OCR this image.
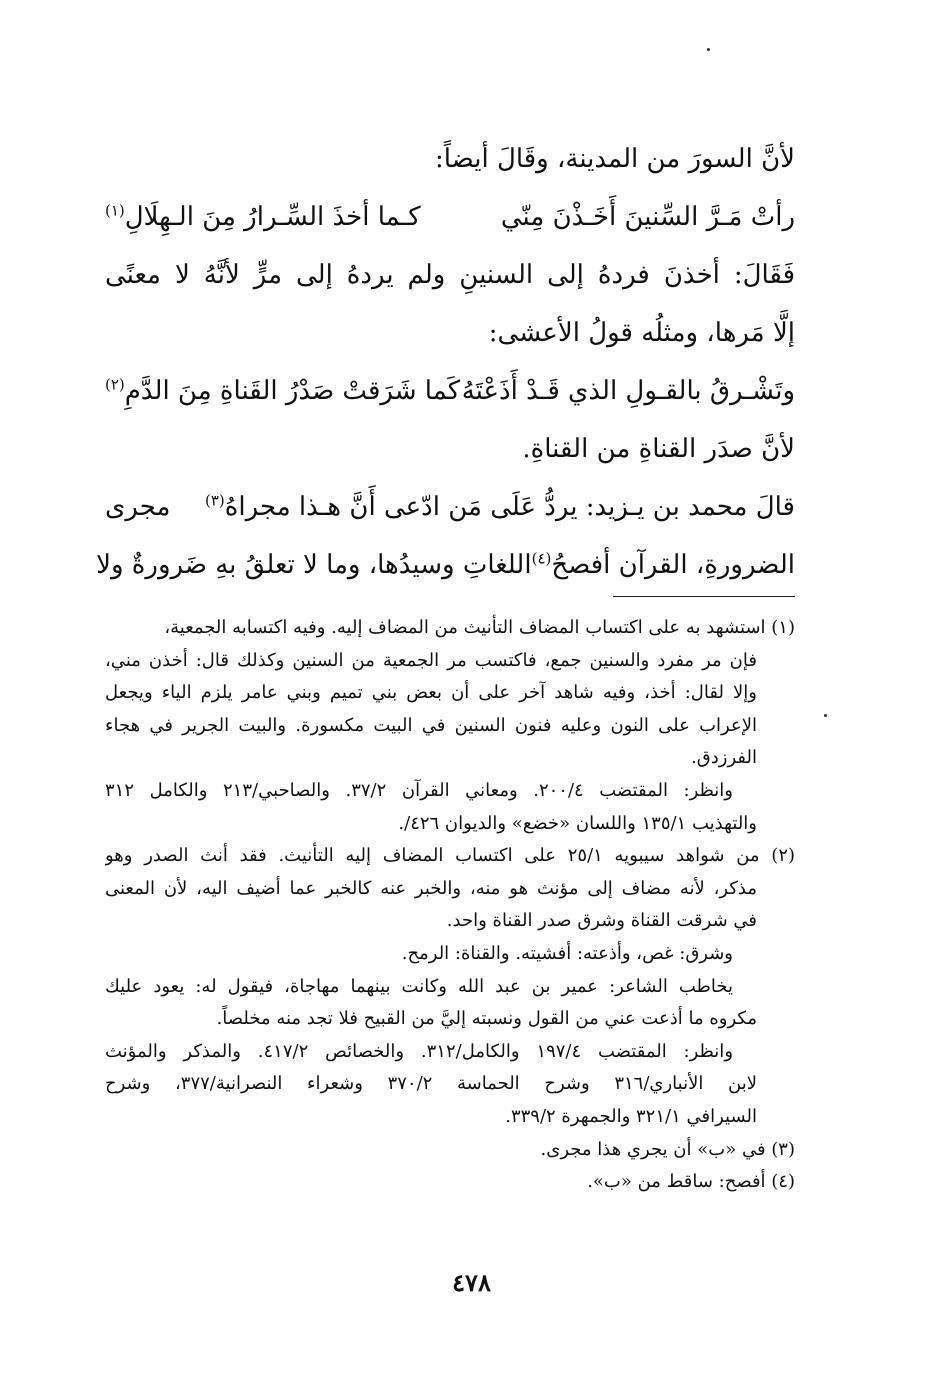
لأنَّ السورَ من المدينة، وقَالَ أيضاً:
رأتْ مَـرَّ السِّنينَ أَخَـذْنَ مِنّي
كـما أخذَ السِّـرارُ مِنَ الـهِلَالِ$^{(١)}$
فَقَالَ: أخذنَ فردهُ إلى السنينِ ولم يردهُ إلى مرٍّ لأنَّهُ لا معنًى
إلَّا مَرها، ومثلُه قولُ الأعشى:
وتَشْـرقُ بالقـولِ الذي قَـدْ أَذَعْتَهُ
كَما شَرَقتْ صَدْرُ القَناةِ مِنَ الدَّمِ$^{(٢)}$
لأنَّ صدَر القناةِ من القناةِ.
قالَ محمد بن يـزيد: يردُّ عَلَى مَن ادّعى أَنَّ هـذا مجراهُ$^{(٣)}$
مجرى
الضرورةِ، القرآن أفصحُ$^{(٤)}$
اللغاتِ وسيدُها، وما لا تعلقُ بهِ ضَرورةٌ ولا
(١) استشهد به على اكتساب المضاف التأنيث من المضاف إليه. وفيه اكتسابه الجمعية،
فإن مر مفرد والسنين جمع، فاكتسب مر الجمعية من السنين وكذلك قال: أخذن مني،
وإلا لقال: أخذ، وفيه شاهد آخر على أن بعض بني تميم وبني عامر يلزم الياء ويجعل
الإعراب على النون وعليه فنون السنين في البيت مكسورة. والبيت الجرير في هجاء
الفرزدق.
وانظر: المقتضب ٢٠٠/٤. ومعاني القرآن ٣٧/٢. والصاحبي/٢١٣ والكامل ٣١٢
والتهذيب ١٣٥/١ واللسان «خضع» والديوان ٤٢٦/.
(٢) من شواهد سيبويه ٢٥/١ على اكتساب المضاف إليه التأنيث. فقد أنث الصدر وهو
مذكر، لأنه مضاف إلى مؤنث هو منه، والخبر عنه كالخبر عما أضيف اليه، لأن المعنى
في شرقت القناة وشرق صدر القناة واحد.
وشرق: غص، وأذعته: أفشيته. والقناة: الرمح.
يخاطب الشاعر: عمير بن عبد الله وكانت بينهما مهاجاة، فيقول له: يعود عليك
مكروه ما أذعت عني من القول ونسبته إليَّ من القبيح فلا تجد منه مخلصاً.
وانظر: المقتضب ١٩٧/٤ والكامل/٣١٢. والخصائص ٤١٧/٢. والمذكر والمؤنث
لابن الأنباري/٣١٦ وشرح الحماسة ٣٧٠/٢ وشعراء النصرانية/٣٧٧، وشرح
السيرافي ٣٢١/١ والجمهرة ٣٣٩/٢.
(٣) في «ب» أن يجري هذا مجرى.
(٤) أفصح: ساقط من «ب».
٤٧٨
